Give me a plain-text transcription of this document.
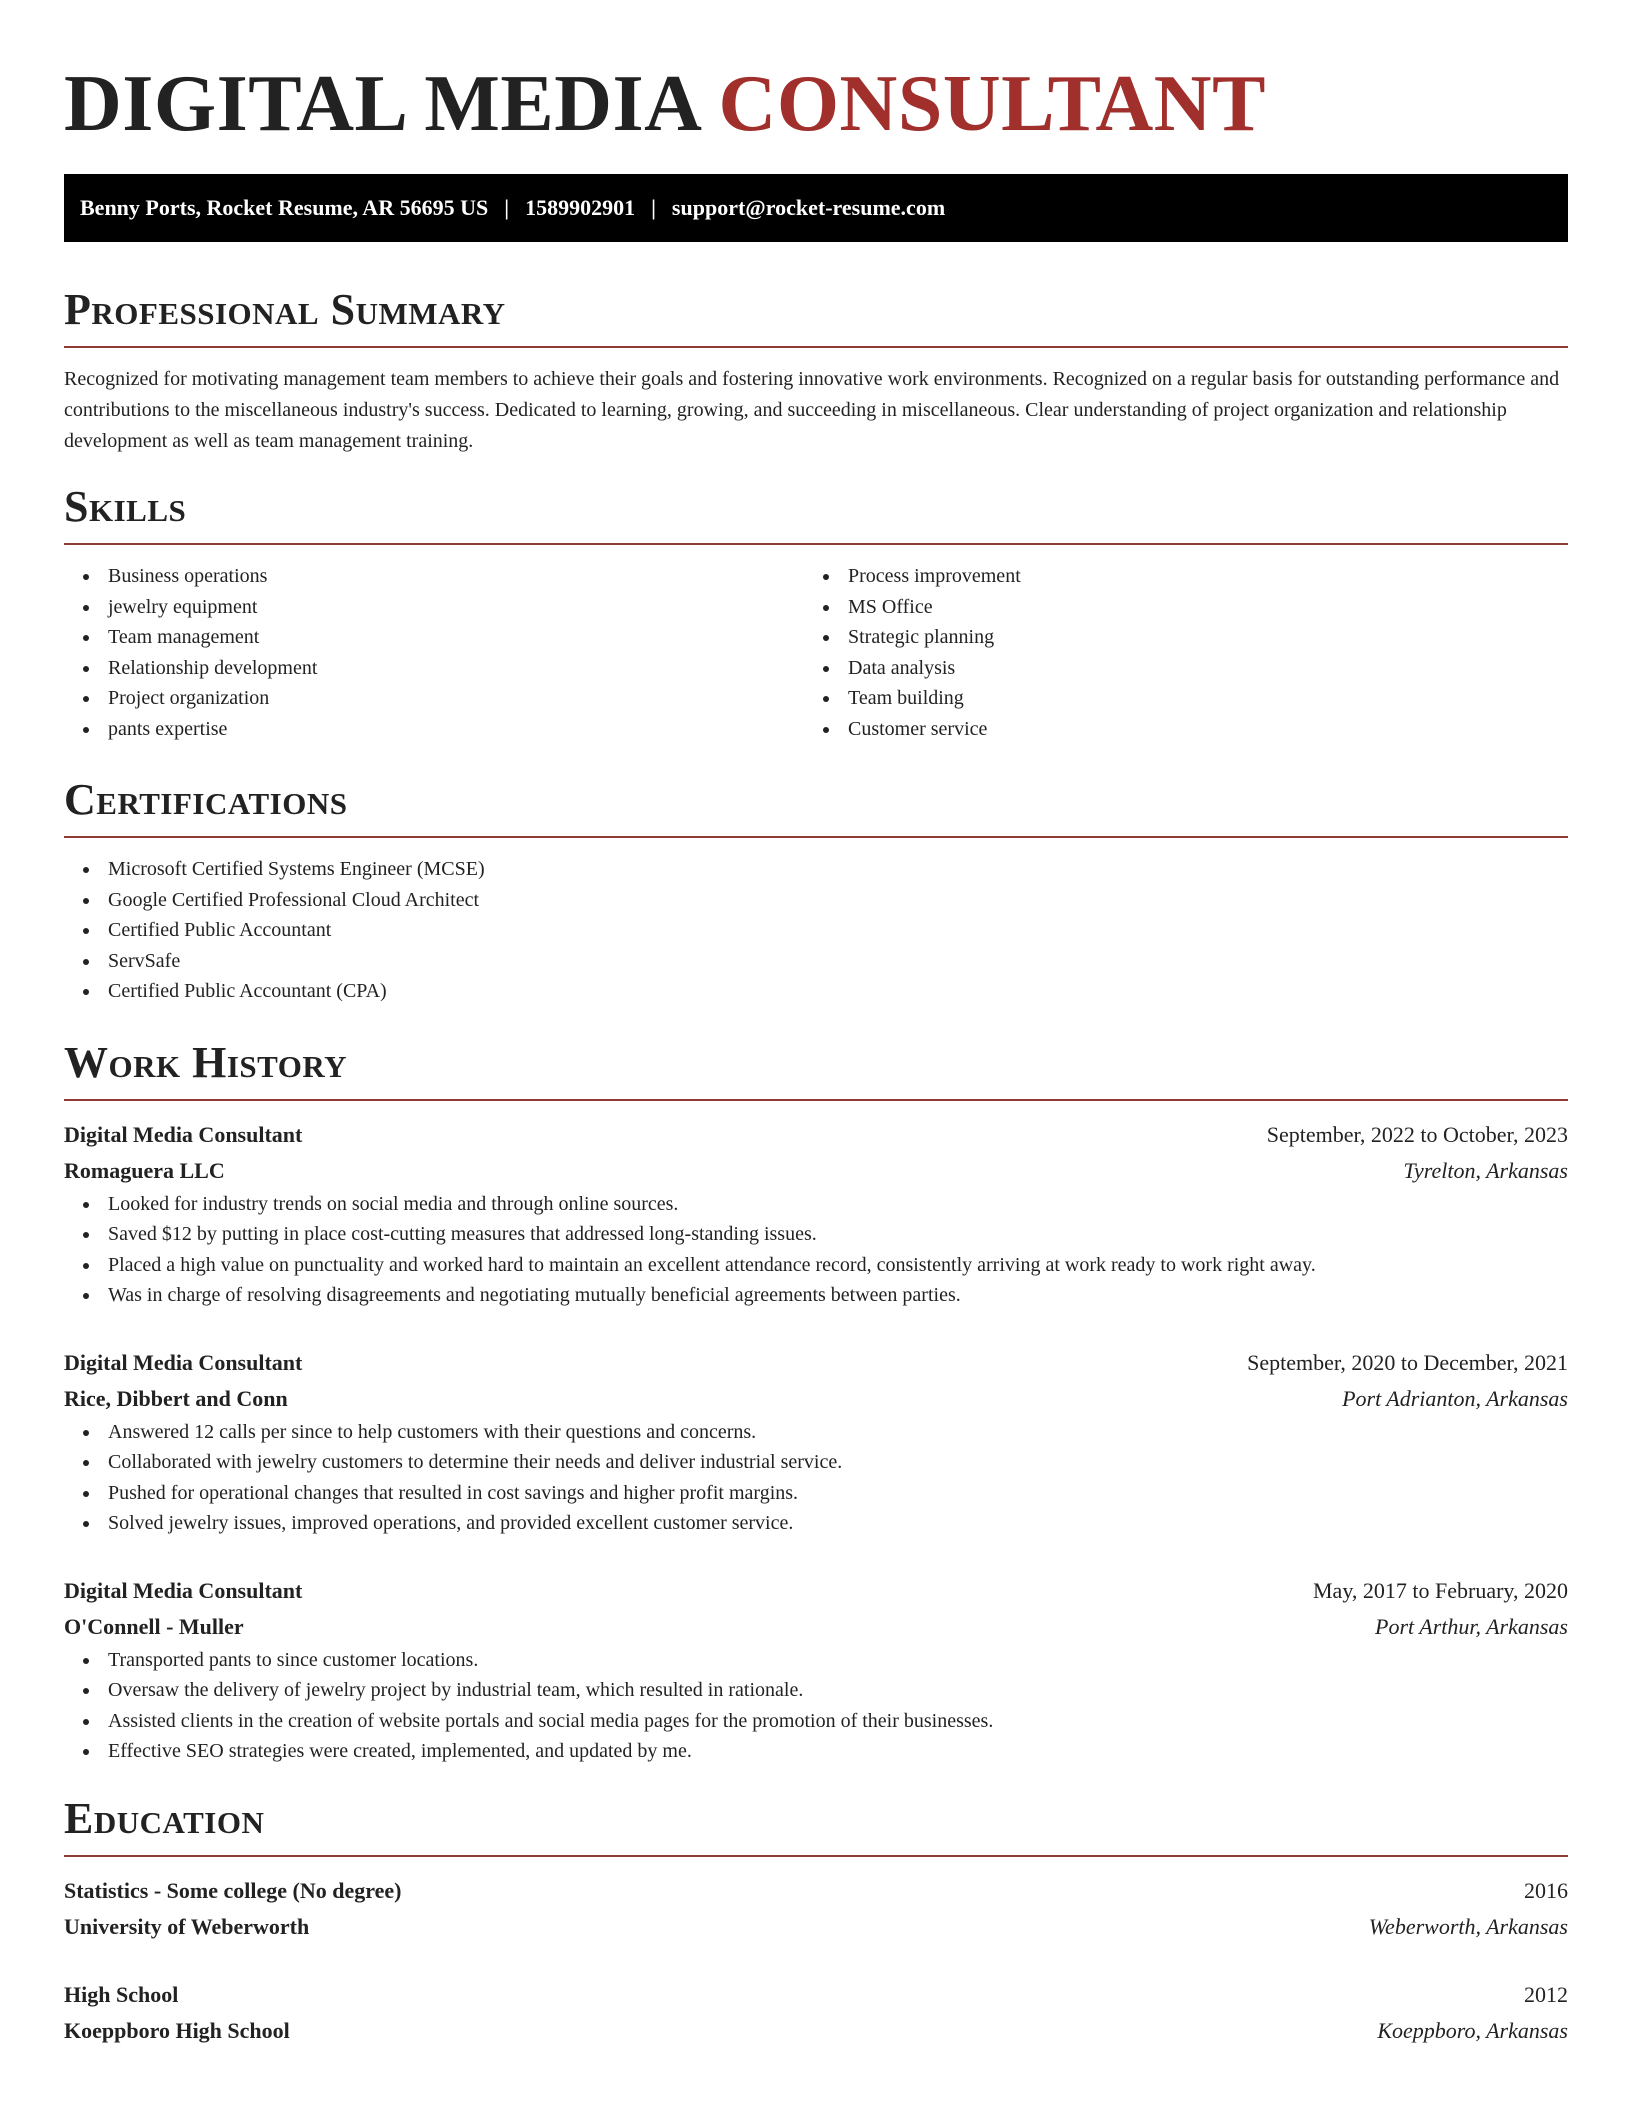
DIGITAL MEDIA CONSULTANT
Benny Ports, Rocket Resume, AR 56695 US | 1589902901 | support@rocket-resume.com
Professional Summary

Recognized for motivating management team members to achieve their goals and fostering innovative work environments. Recognized on a regular basis for outstanding performance and contributions to the miscellaneous industry's success. Dedicated to learning, growing, and succeeding in miscellaneous. Clear understanding of project organization and relationship development as well as team management training.

Skills
Business operations
jewelry equipment
Team management
Relationship development
Project organization
pants expertise
Process improvement
MS Office
Strategic planning
Data analysis
Team building
Customer service
Certifications
Microsoft Certified Systems Engineer (MCSE)
Google Certified Professional Cloud Architect
Certified Public Accountant
ServSafe
Certified Public Accountant (CPA)
Work History
Digital Media Consultant	September, 2022 to October, 2023
Romaguera LLC	Tyrelton, Arkansas
Looked for industry trends on social media and through online sources.
Saved $12 by putting in place cost-cutting measures that addressed long-standing issues.
Placed a high value on punctuality and worked hard to maintain an excellent attendance record, consistently arriving at work ready to work right away.
Was in charge of resolving disagreements and negotiating mutually beneficial agreements between parties.
Digital Media Consultant	September, 2020 to December, 2021
Rice, Dibbert and Conn	Port Adrianton, Arkansas
Answered 12 calls per since to help customers with their questions and concerns.
Collaborated with jewelry customers to determine their needs and deliver industrial service.
Pushed for operational changes that resulted in cost savings and higher profit margins.
Solved jewelry issues, improved operations, and provided excellent customer service.
Digital Media Consultant	May, 2017 to February, 2020
O'Connell - Muller	Port Arthur, Arkansas
Transported pants to since customer locations.
Oversaw the delivery of jewelry project by industrial team, which resulted in rationale.
Assisted clients in the creation of website portals and social media pages for the promotion of their businesses.
Effective SEO strategies were created, implemented, and updated by me.
Education
Statistics - Some college (No degree)	2016
University of Weberworth	Weberworth, Arkansas
High School	2012
Koeppboro High School	Koeppboro, Arkansas
